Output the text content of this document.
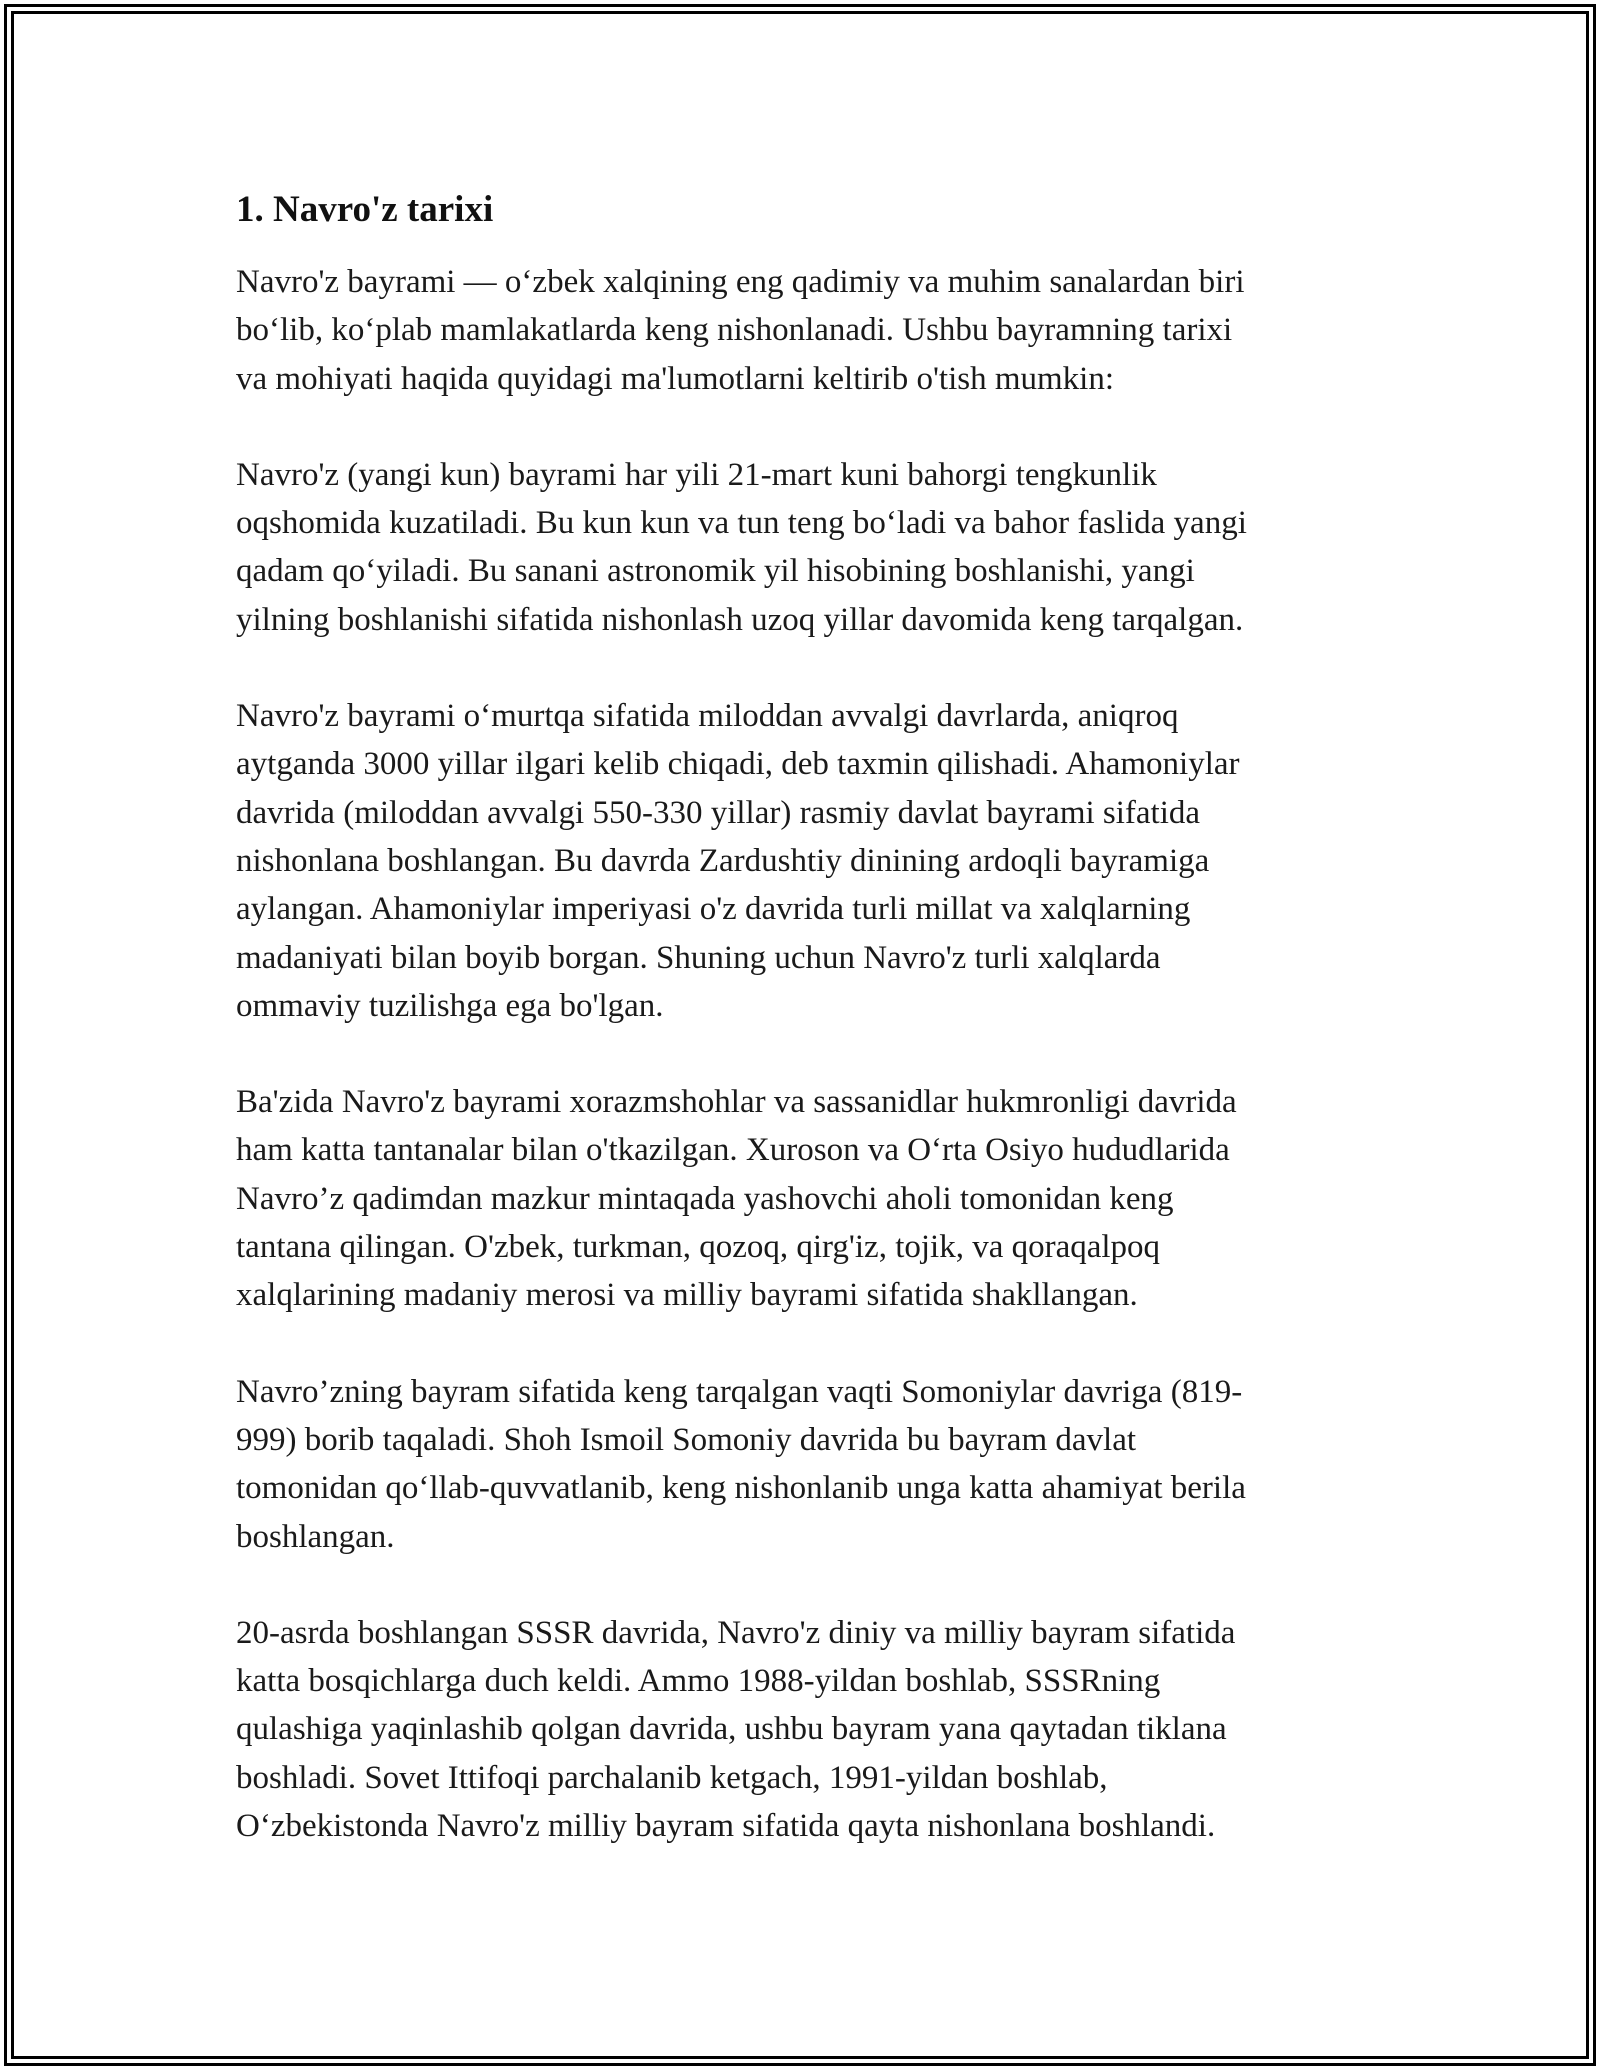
1. Navro'z tarixi

Navro'z bayrami — o‘zbek xalqining eng qadimiy va muhim sanalardan biri
bo‘lib, ko‘plab mamlakatlarda keng nishonlanadi. Ushbu bayramning tarixi
va mohiyati haqida quyidagi ma'lumotlarni keltirib o'tish mumkin:

Navro'z (yangi kun) bayrami har yili 21-mart kuni bahorgi tengkunlik
oqshomida kuzatiladi. Bu kun kun va tun teng bo‘ladi va bahor faslida yangi
qadam qo‘yiladi. Bu sanani astronomik yil hisobining boshlanishi, yangi
yilning boshlanishi sifatida nishonlash uzoq yillar davomida keng tarqalgan.

Navro'z bayrami o‘murtqa sifatida miloddan avvalgi davrlarda, aniqroq
aytganda 3000 yillar ilgari kelib chiqadi, deb taxmin qilishadi. Ahamoniylar
davrida (miloddan avvalgi 550-330 yillar) rasmiy davlat bayrami sifatida
nishonlana boshlangan. Bu davrda Zardushtiy dinining ardoqli bayramiga
aylangan. Ahamoniylar imperiyasi o'z davrida turli millat va xalqlarning
madaniyati bilan boyib borgan. Shuning uchun Navro'z turli xalqlarda
ommaviy tuzilishga ega bo'lgan.

Ba'zida Navro'z bayrami xorazmshohlar va sassanidlar hukmronligi davrida
ham katta tantanalar bilan o'tkazilgan. Xuroson va O‘rta Osiyo hududlarida
Navro’z qadimdan mazkur mintaqada yashovchi aholi tomonidan keng
tantana qilingan. O'zbek, turkman, qozoq, qirg'iz, tojik, va qoraqalpoq
xalqlarining madaniy merosi va milliy bayrami sifatida shakllangan.

Navro’zning bayram sifatida keng tarqalgan vaqti Somoniylar davriga (819-
999) borib taqaladi. Shoh Ismoil Somoniy davrida bu bayram davlat
tomonidan qo‘llab-quvvatlanib, keng nishonlanib unga katta ahamiyat berila
boshlangan.

20-asrda boshlangan SSSR davrida, Navro'z diniy va milliy bayram sifatida
katta bosqichlarga duch keldi. Ammo 1988-yildan boshlab, SSSRning
qulashiga yaqinlashib qolgan davrida, ushbu bayram yana qaytadan tiklana
boshladi. Sovet Ittifoqi parchalanib ketgach, 1991-yildan boshlab,
O‘zbekistonda Navro'z milliy bayram sifatida qayta nishonlana boshlandi.
